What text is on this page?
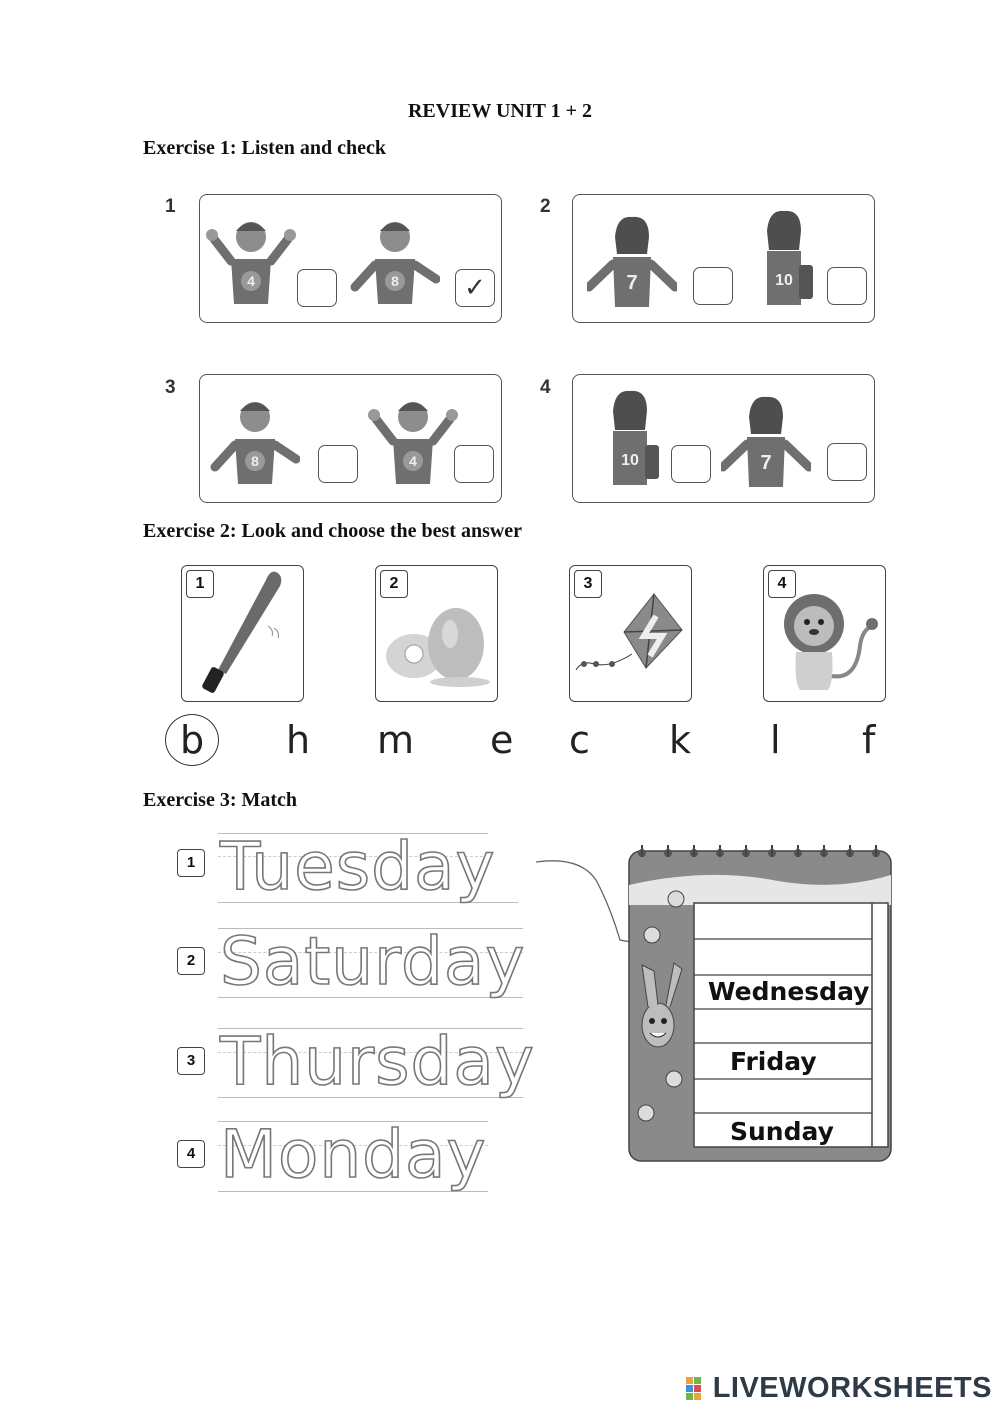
REVIEW UNIT 1 + 2
Exercise 1: Listen and check
1
4	8	✓
2
7	10
3
8	4
4
10	7
Exercise 2: Look and choose the best answer
1	2	3	4
b h m e c k l f
Exercise 3: Match
1 Tuesday
2 Saturday
3 Thursday
4 Monday
Wednesday
Friday
Sunday
LIVEWORKSHEETS
